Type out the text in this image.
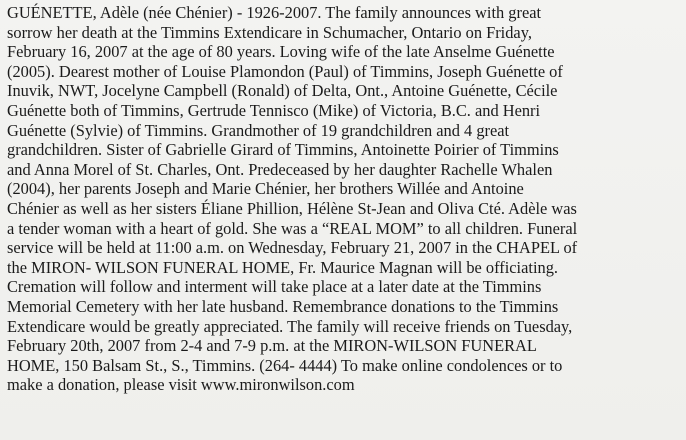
GUÉNETTE, Adèle (née Chénier) - 1926-2007. The family announces with great
sorrow her death at the Timmins Extendicare in Schumacher, Ontario on Friday,
February 16, 2007 at the age of 80 years. Loving wife of the late Anselme Guénette
(2005). Dearest mother of Louise Plamondon (Paul) of Timmins, Joseph Guénette of
Inuvik, NWT, Jocelyne Campbell (Ronald) of Delta, Ont., Antoine Guénette, Cécile
Guénette both of Timmins, Gertrude Tennisco (Mike) of Victoria, B.C. and Henri
Guénette (Sylvie) of Timmins. Grandmother of 19 grandchildren and 4 great
grandchildren. Sister of Gabrielle Girard of Timmins, Antoinette Poirier of Timmins
and Anna Morel of St. Charles, Ont. Predeceased by her daughter Rachelle Whalen
(2004), her parents Joseph and Marie Chénier, her brothers Willée and Antoine
Chénier as well as her sisters Éliane Phillion, Hélène St-Jean and Oliva Cté. Adèle was
a tender woman with a heart of gold. She was a “REAL MOM” to all children. Funeral
service will be held at 11:00 a.m. on Wednesday, February 21, 2007 in the CHAPEL of
the MIRON- WILSON FUNERAL HOME, Fr. Maurice Magnan will be officiating.
Cremation will follow and interment will take place at a later date at the Timmins
Memorial Cemetery with her late husband. Remembrance donations to the Timmins
Extendicare would be greatly appreciated. The family will receive friends on Tuesday,
February 20th, 2007 from 2-4 and 7-9 p.m. at the MIRON-WILSON FUNERAL
HOME, 150 Balsam St., S., Timmins. (264- 4444) To make online condolences or to
make a donation, please visit www.mironwilson.com
